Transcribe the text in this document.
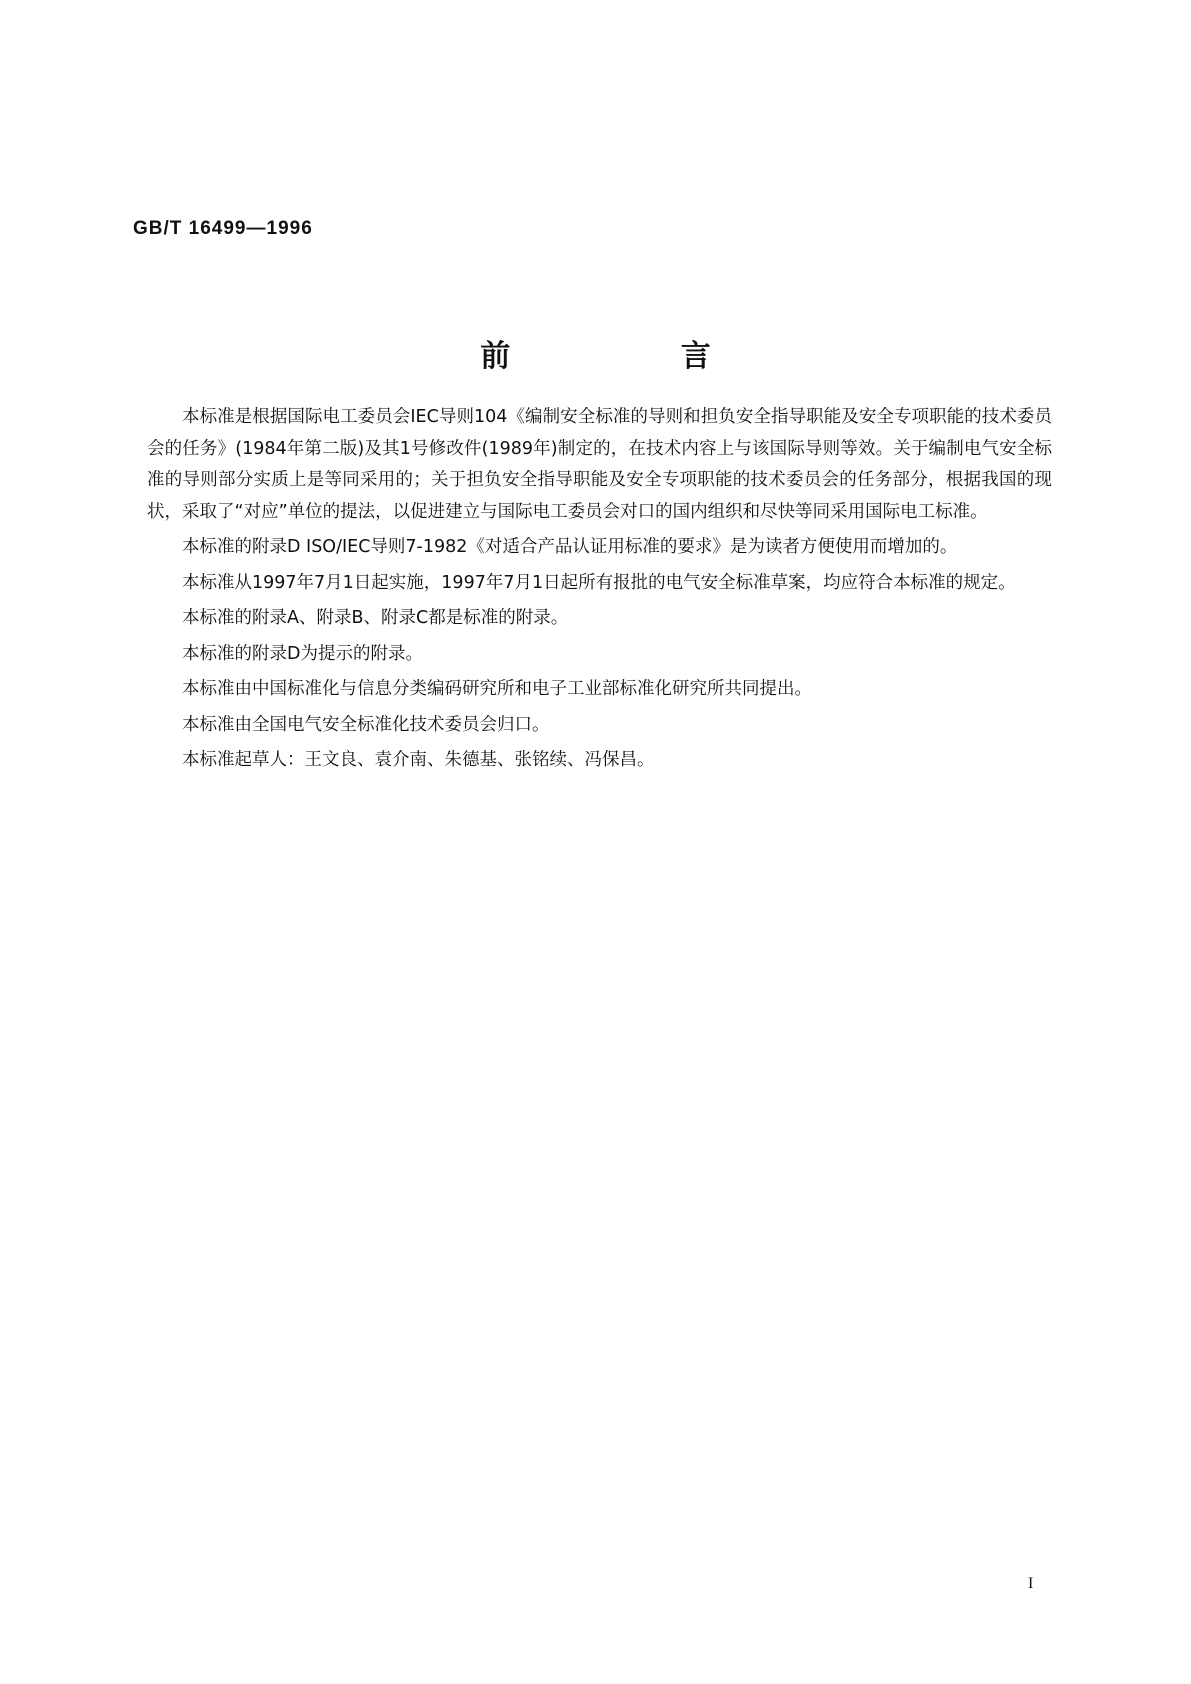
GB/T 16499—1996
前 言

本标准是根据国际电工委员会IEC导则104《编制安全标准的导则和担负安全指导职能及安全专项职能的技术委员会的任务》(1984年第二版)及其1号修改件(1989年)制定的，在技术内容上与该国际导则等效。关于编制电气安全标准的导则部分实质上是等同采用的；关于担负安全指导职能及安全专项职能的技术委员会的任务部分，根据我国的现状，采取了“对应”单位的提法，以促进建立与国际电工委员会对口的国内组织和尽快等同采用国际电工标准。

本标准的附录D ISO/IEC导则7-1982《对适合产品认证用标准的要求》是为读者方便使用而增加的。

本标准从1997年7月1日起实施，1997年7月1日起所有报批的电气安全标准草案，均应符合本标准的规定。

本标准的附录A、附录B、附录C都是标准的附录。

本标准的附录D为提示的附录。

本标准由中国标准化与信息分类编码研究所和电子工业部标准化研究所共同提出。

本标准由全国电气安全标准化技术委员会归口。

本标准起草人：王文良、袁介南、朱德基、张铭续、冯保昌。

I
